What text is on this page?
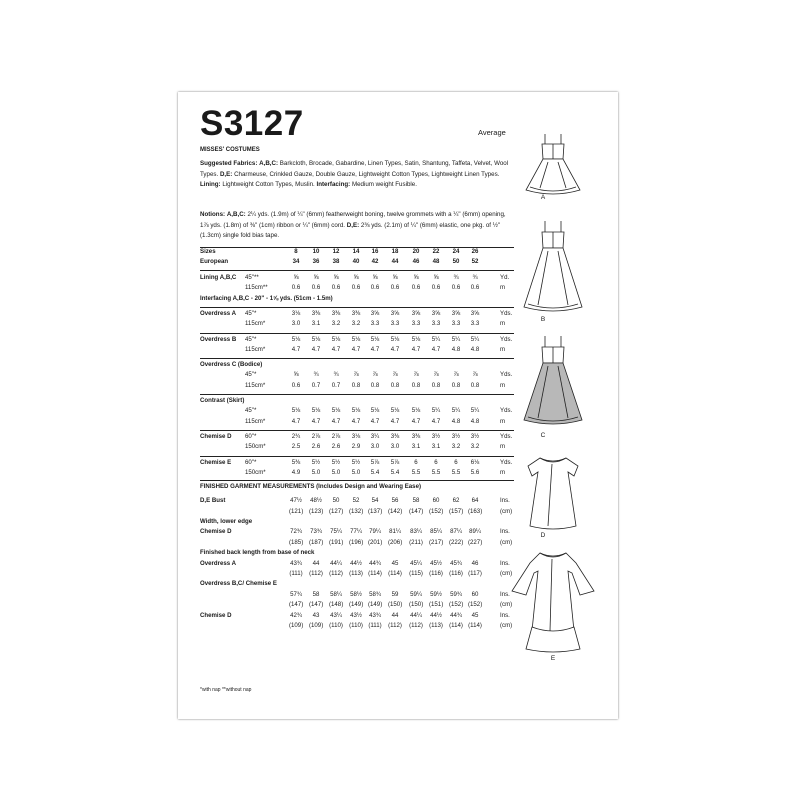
S3127	Average
MISSES' COSTUMES
Suggested Fabrics: A,B,C: Barkcloth, Brocade, Gabardine, Linen Types, Satin, Shantung, Taffeta, Velvet, Wool Types. D,E: Charmeuse, Crinkled Gauze, Double Gauze, Lightweight Cotton Types, Lightweight Linen Types. Lining: Lightweight Cotton Types, Muslin. Interfacing: Medium weight Fusible.
Notions: A,B,C: 2¼ yds. (1.9m) of ¼" (6mm) featherweight boning, twelve grommets with a ¼" (6mm) opening, 1⅞ yds. (1.8m) of ⅜" (1cm) ribbon or ¼" (6mm) cord. D,E: 2⅜ yds. (2.1m) of ¼" (6mm) elastic, one pkg. of ½" (1.3cm) single fold bias tape.
Sizes	8	10	12	14	16	18	20	22	24	26
European	34	36	38	40	42	44	46	48	50	52
Lining A,B,C 45"**	⅝	⅝	⅝	⅝	⅝	⅝	⅝	⅝	¾	¾	Yd.
115cm**	0.6	0.6	0.6	0.6	0.6	0.6	0.6	0.6	0.6	0.6	m
Interfacing A,B,C - 20" - 1⅝ yds. (51cm - 1.5m)
Overdress A 45"*	3⅛	3⅜	3⅜	3⅜	3⅝	3⅝	3⅝	3⅝	3⅝	3⅝	Yds.
115cm*	3.0	3.1	3.2	3.2	3.3	3.3	3.3	3.3	3.3	3.3	m
Overdress B 45"*	5⅛	5⅛	5⅛	5⅛	5⅛	5⅛	5⅛	5¼	5¼	5¼	Yds.
115cm*	4.7	4.7	4.7	4.7	4.7	4.7	4.7	4.7	4.8	4.8	m
Overdress C (Bodice)
45"*	⅝	¾	¾	⅞	⅞	⅞	⅞	⅞	⅞	⅞	Yds.
115cm*	0.6	0.7	0.7	0.8	0.8	0.8	0.8	0.8	0.8	0.8	m
Contrast (Skirt)
45"*	5⅛	5⅛	5⅛	5⅛	5⅛	5⅛	5⅛	5¼	5¼	5¼	Yds.
115cm*	4.7	4.7	4.7	4.7	4.7	4.7	4.7	4.7	4.8	4.8	m
Chemise D 60"*	2¾	2⅞	2⅞	3⅛	3¼	3⅜	3⅜	3½	3½	3½	Yds.
150cm*	2.5	2.6	2.6	2.9	3.0	3.0	3.1	3.1	3.2	3.2	m
Chemise E 60"*	5⅜	5½	5½	5½	5⅞	5⅞	6	6	6	6⅛	Yds.
150cm*	4.9	5.0	5.0	5.0	5.4	5.4	5.5	5.5	5.5	5.6	m
FINISHED GARMENT MEASUREMENTS (Includes Design and Wearing Ease)
D,E Bust	47½ 48½	50	52	54	56	58	60	62	64	Ins.
(121) (123) (127) (132) (137) (142) (147) (152) (157) (163)	(cm)
Width, lower edge
Chemise D	72¾ 73¾ 75¼ 77¼ 79¼ 81¼ 83¼ 85¼ 87¼ 89¼	Ins.
(185) (187) (191) (196) (201) (206) (211) (217) (222) (227)	(cm)
Finished back length from base of neck
Overdress A	43¾	44	44¼ 44½ 44¾	45	45¼ 45½ 45¾	46	Ins.
(111) (112) (112) (113) (114) (114) (115) (116) (116) (117)	(cm)
Overdress B,C/ Chemise E
57¾	58	58¼ 58½ 58¾	59	59¼ 59½ 59¾	60	Ins.
(147) (147) (148) (149) (149) (150) (150) (151) (152) (152)	(cm)
Chemise D	42¾	43	43¼ 43½ 43¾	44	44¼ 44½ 44¾	45	Ins.
(109) (109) (110) (110) (111) (112) (112) (113) (114) (114)	(cm)
*with nap **without nap
A
B
C
D
E
